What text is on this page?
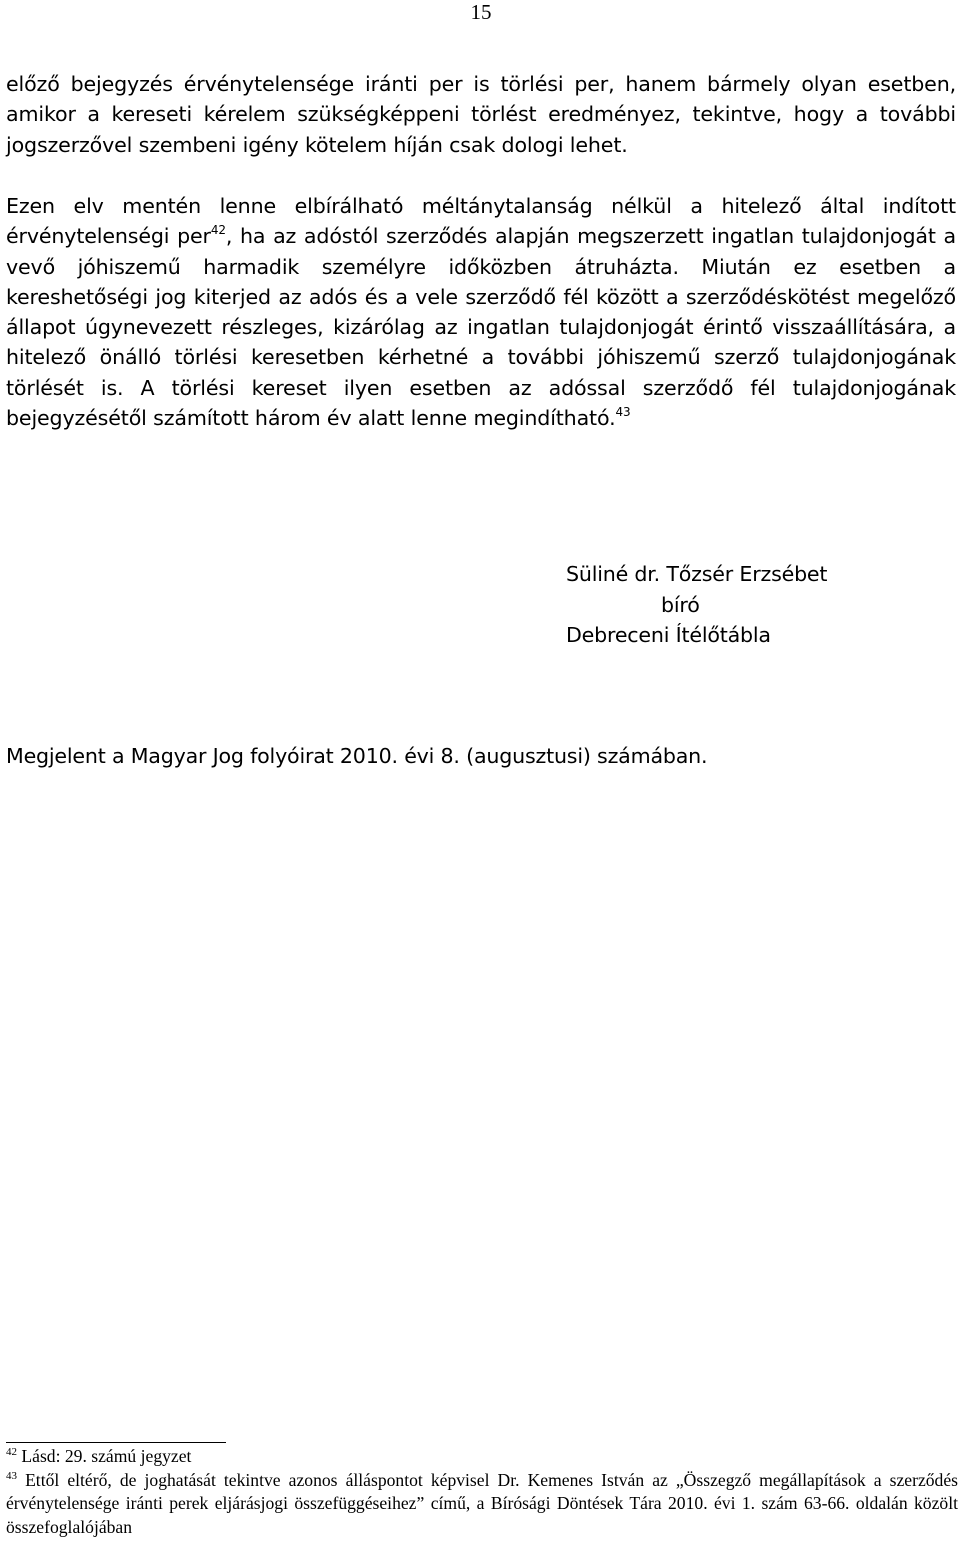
15

előző bejegyzés érvénytelensége iránti per is törlési per, hanem bármely olyan esetben, amikor a kereseti kérelem szükségképpeni törlést eredményez, tekintve, hogy a további jogszerzővel szembeni igény kötelem híján csak dologi lehet.

Ezen elv mentén lenne elbírálható méltánytalanság nélkül a hitelező által indított érvénytelenségi per$^{42}$, ha az adóstól szerződés alapján megszerzett ingatlan tulajdonjogát a vevő jóhiszemű harmadik személyre időközben átruházta. Miután ez esetben a kereshetőségi jog kiterjed az adós és a vele szerződő fél között a szerződéskötést megelőző állapot úgynevezett részleges, kizárólag az ingatlan tulajdonjogát érintő visszaállítására, a hitelező önálló törlési keresetben kérhetné a további jóhiszemű szerző tulajdonjogának törlését is. A törlési kereset ilyen esetben az adóssal szerződő fél tulajdonjogának bejegyzésétől számított három év alatt lenne megindítható.$^{43}$

Süliné dr. Tőzsér Erzsébet
bíró
Debreceni Ítélőtábla
Megjelent a Magyar Jog folyóirat 2010. évi 8. (augusztusi) számában.

$^{42}$ Lásd: 29. számú jegyzet

$^{43}$ Ettől eltérő, de joghatását tekintve azonos álláspontot képvisel Dr. Kemenes István az „Összegző megállapítások a szerződés érvénytelensége iránti perek eljárásjogi összefüggéseihez” című, a Bírósági Döntések Tára 2010. évi 1. szám 63-66. oldalán közölt összefoglalójában
